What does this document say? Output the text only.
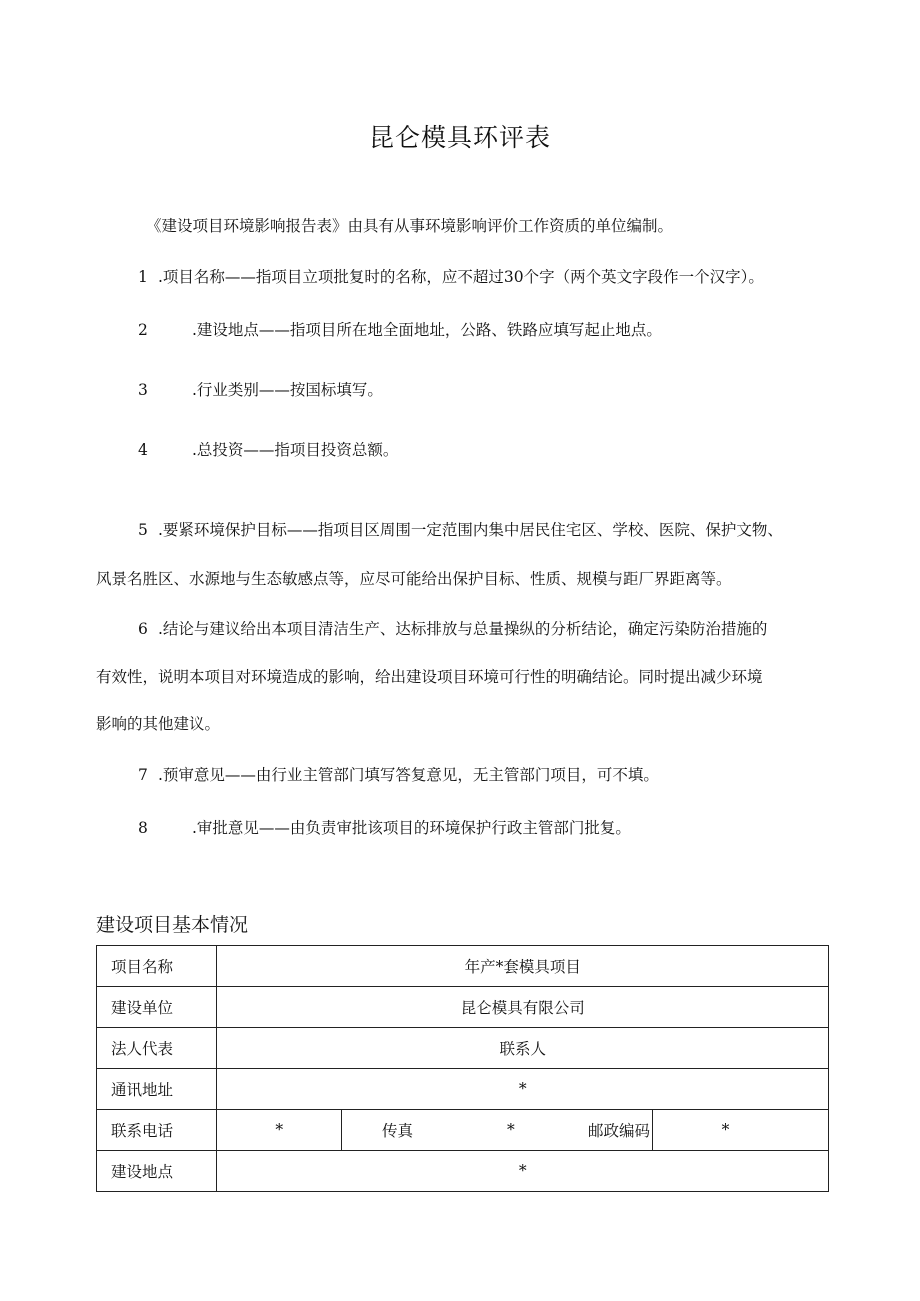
昆仑模具环评表
《建设项目环境影响报告表》由具有从事环境影响评价工作资质的单位编制。
1 .项目名称——指项目立项批复时的名称，应不超过30个字（两个英文字段作一个汉字）。
2	.建设地点——指项目所在地全面地址，公路、铁路应填写起止地点。
3	.行业类别——按国标填写。
4	.总投资——指项目投资总额。
5 .要紧环境保护目标——指项目区周围一定范围内集中居民住宅区、学校、医院、保护文物、
风景名胜区、水源地与生态敏感点等，应尽可能给出保护目标、性质、规模与距厂界距离等。
6 .结论与建议给出本项目清洁生产、达标排放与总量操纵的分析结论，确定污染防治措施的
有效性，说明本项目对环境造成的影响，给出建设项目环境可行性的明确结论。同时提出减少环境
影响的其他建议。
7 .预审意见——由行业主管部门填写答复意见，无主管部门项目，可不填。
8	.审批意见——由负责审批该项目的环境保护行政主管部门批复。
建设项目基本情况
项目名称	年产*套模具项目				
建设单位	昆仑模具有限公司				
法人代表	联系人				
通讯地址	*				
联系电话	*	传真	*	邮政编码	*
建设地点	*				
